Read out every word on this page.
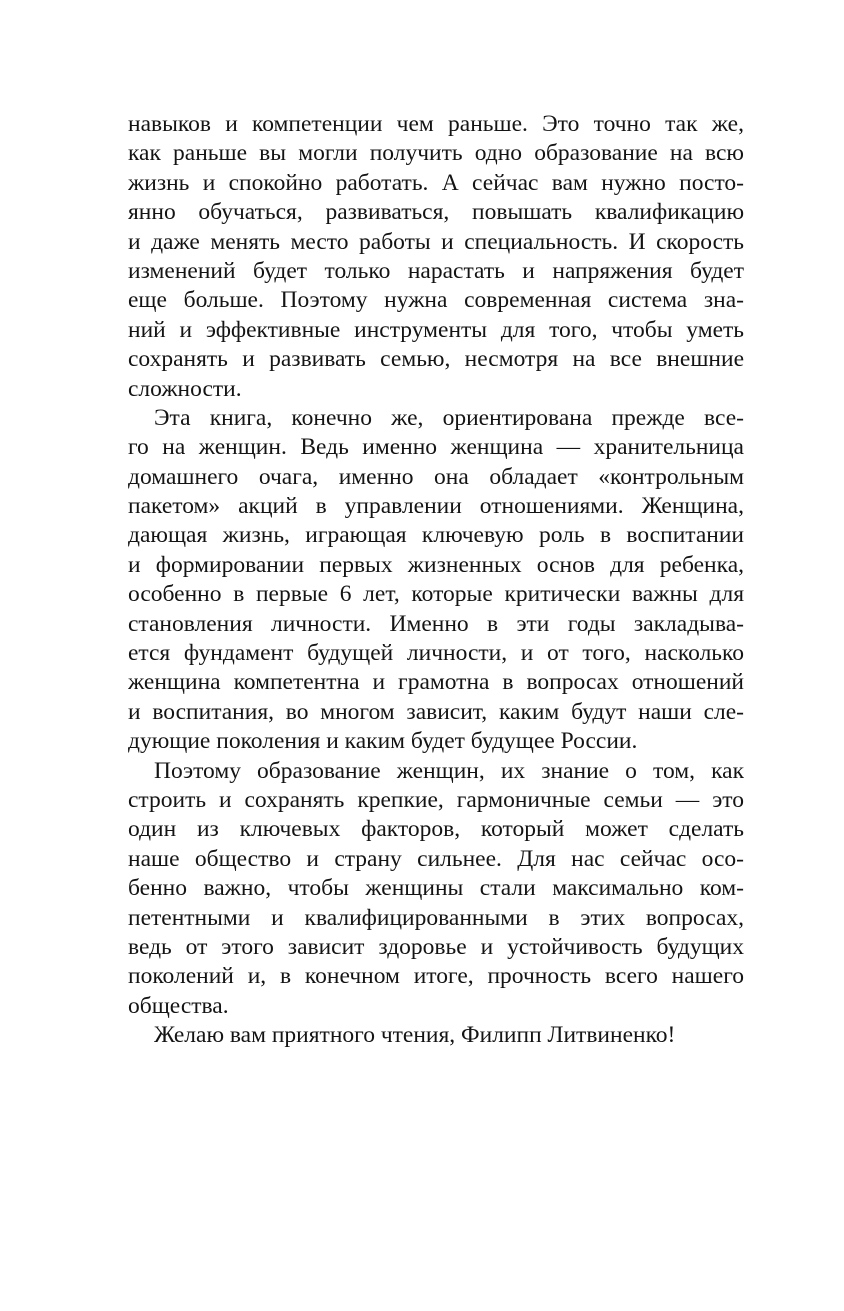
навыков и компетенции чем раньше. Это точно так же,
как раньше вы могли получить одно образование на всю
жизнь и спокойно работать. А сейчас вам нужно посто-
янно обучаться, развиваться, повышать квалификацию
и даже менять место работы и специальность. И скорость
изменений будет только нарастать и напряжения будет
еще больше. Поэтому нужна современная система зна-
ний и эффективные инструменты для того, чтобы уметь
сохранять и развивать семью, несмотря на все внешние
сложности.
Эта книга, конечно же, ориентирована прежде все-
го на женщин. Ведь именно женщина — хранительница
домашнего очага, именно она обладает «контрольным
пакетом» акций в управлении отношениями. Женщина,
дающая жизнь, играющая ключевую роль в воспитании
и формировании первых жизненных основ для ребенка,
особенно в первые 6 лет, которые критически важны для
становления личности. Именно в эти годы закладыва-
ется фундамент будущей личности, и от того, насколько
женщина компетентна и грамотна в вопросах отношений
и воспитания, во многом зависит, каким будут наши сле-
дующие поколения и каким будет будущее России.
Поэтому образование женщин, их знание о том, как
строить и сохранять крепкие, гармоничные семьи — это
один из ключевых факторов, который может сделать
наше общество и страну сильнее. Для нас сейчас осо-
бенно важно, чтобы женщины стали максимально ком-
петентными и квалифицированными в этих вопросах,
ведь от этого зависит здоровье и устойчивость будущих
поколений и, в конечном итоге, прочность всего нашего
общества.
Желаю вам приятного чтения, Филипп Литвиненко!
